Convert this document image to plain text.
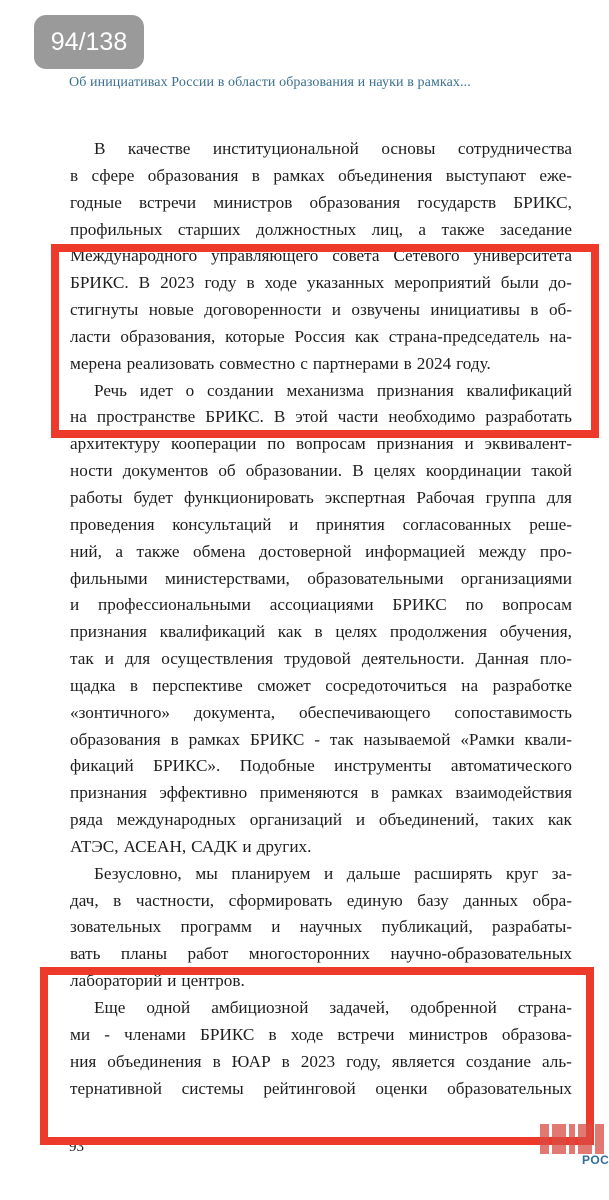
94/138
Об инициативах России в области образования и науки в рамках...
В качестве институциональной основы сотрудничества
в сфере образования в рамках объединения выступают еже-
годные встречи министров образования государств БРИКС,
профильных старших должностных лиц, а также заседание
Международного управляющего совета Сетевого университета
БРИКС. В 2023 году в ходе указанных мероприятий были до-
стигнуты новые договоренности и озвучены инициативы в об-
ласти образования, которые Россия как страна-председатель на-
мерена реализовать совместно с партнерами в 2024 году.
Речь идет о создании механизма признания квалификаций
на пространстве БРИКС. В этой части необходимо разработать
архитектуру кооперации по вопросам признания и эквивалент-
ности документов об образовании. В целях координации такой
работы будет функционировать экспертная Рабочая группа для
проведения консультаций и принятия согласованных реше-
ний, а также обмена достоверной информацией между про-
фильными министерствами, образовательными организациями
и профессиональными ассоциациями БРИКС по вопросам
признания квалификаций как в целях продолжения обучения,
так и для осуществления трудовой деятельности. Данная пло-
щадка в перспективе сможет сосредоточиться на разработке
«зонтичного» документа, обеспечивающего сопоставимость
образования в рамках БРИКС - так называемой «Рамки квали-
фикаций БРИКС». Подобные инструменты автоматического
признания эффективно применяются в рамках взаимодействия
ряда международных организаций и объединений, таких как
АТЭС, АСЕАН, САДК и других.
Безусловно, мы планируем и дальше расширять круг за-
дач, в частности, сформировать единую базу данных обра-
зовательных программ и научных публикаций, разрабаты-
вать планы работ многосторонних научно-образовательных
лабораторий и центров.
Еще одной амбициозной задачей, одобренной страна-
ми - членами БРИКС в ходе встречи министров образова-
ния объединения в ЮАР в 2023 году, является создание аль-
тернативной системы рейтинговой оценки образовательных
93
РОС
